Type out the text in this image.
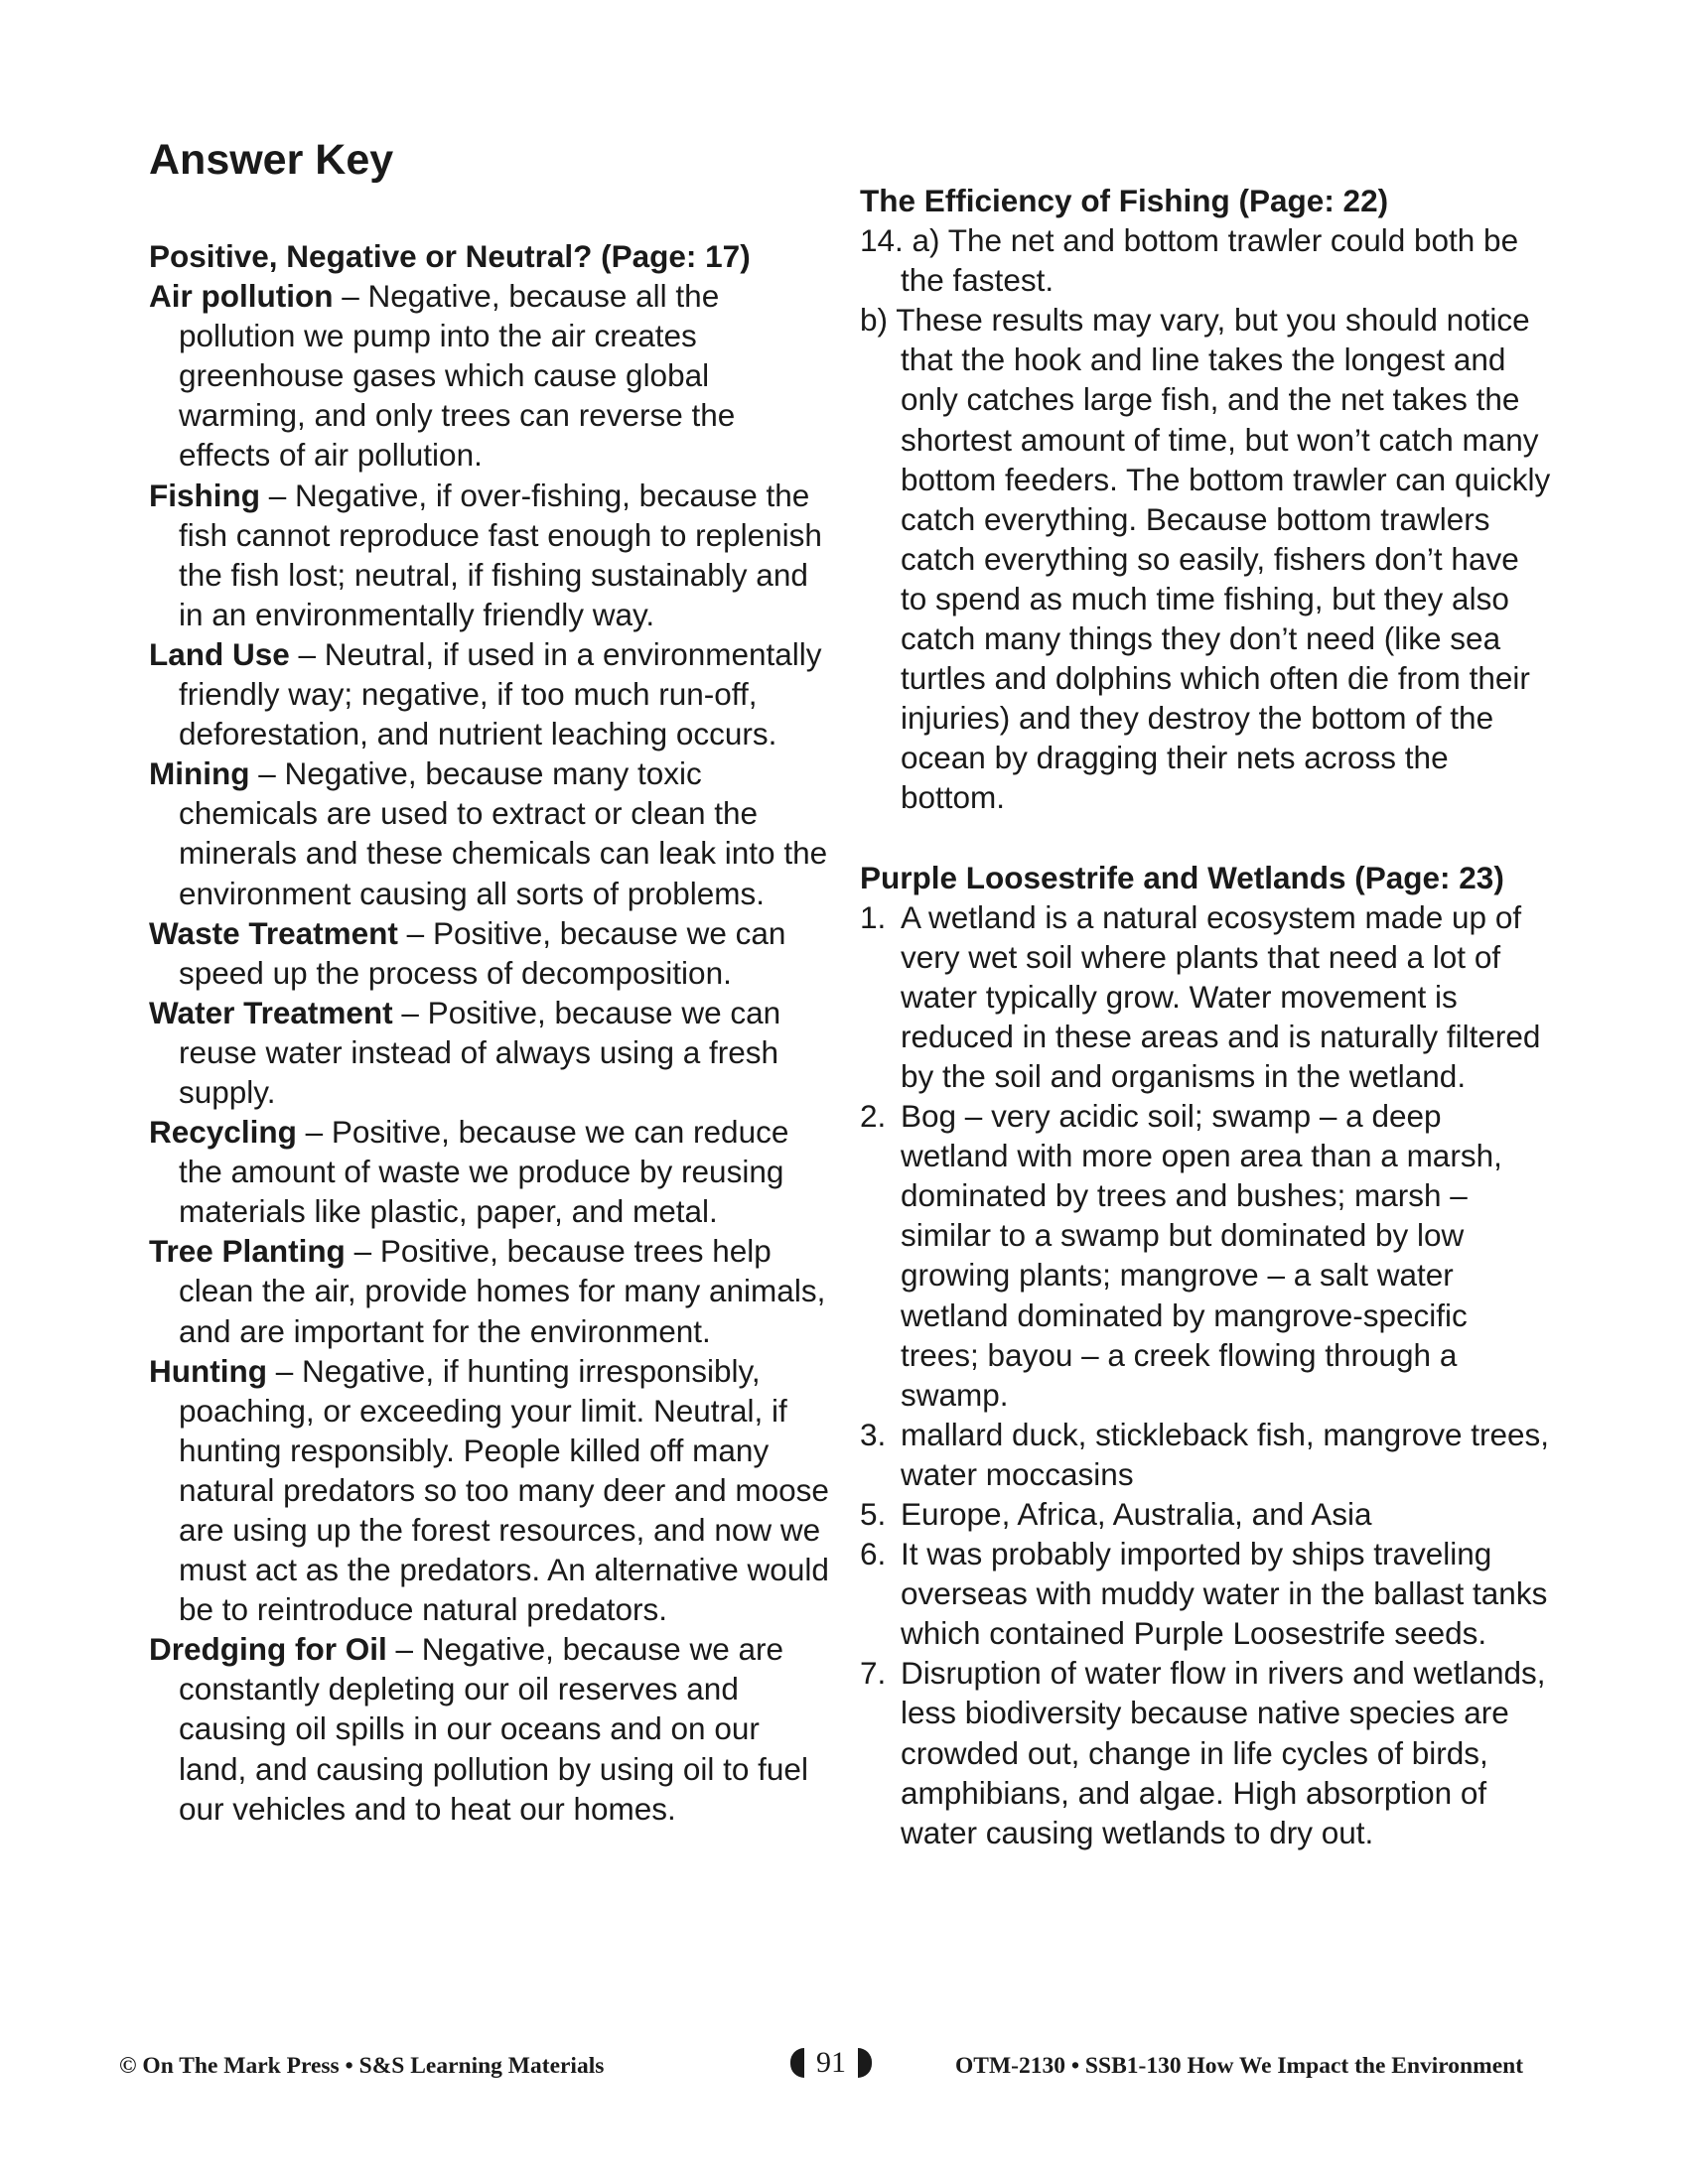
Answer Key

Positive, Negative or Neutral? (Page: 17)

Air pollution – Negative, because all the pollution we pump into the air creates greenhouse gases which cause global warming, and only trees can reverse the effects of air pollution.

Fishing – Negative, if over-fishing, because the fish cannot reproduce fast enough to replenish the fish lost; neutral, if fishing sustainably and in an environmentally friendly way.

Land Use – Neutral, if used in a environmentally friendly way; negative, if too much run-off, deforestation, and nutrient leaching occurs.

Mining – Negative, because many toxic chemicals are used to extract or clean the minerals and these chemicals can leak into the environment causing all sorts of problems.

Waste Treatment – Positive, because we can speed up the process of decomposition.

Water Treatment – Positive, because we can reuse water instead of always using a fresh supply.

Recycling – Positive, because we can reduce the amount of waste we produce by reusing materials like plastic, paper, and metal.

Tree Planting – Positive, because trees help clean the air, provide homes for many animals, and are important for the environment.

Hunting – Negative, if hunting irresponsibly, poaching, or exceeding your limit. Neutral, if hunting responsibly. People killed off many natural predators so too many deer and moose are using up the forest resources, and now we must act as the predators. An alternative would be to reintroduce natural predators.

Dredging for Oil – Negative, because we are constantly depleting our oil reserves and causing oil spills in our oceans and on our land, and causing pollution by using oil to fuel our vehicles and to heat our homes.

The Efficiency of Fishing (Page: 22)

14. a) The net and bottom trawler could both be the fastest.

b) These results may vary, but you should notice that the hook and line takes the longest and only catches large fish, and the net takes the shortest amount of time, but won’t catch many bottom feeders. The bottom trawler can quickly catch everything. Because bottom trawlers catch everything so easily, fishers don’t have to spend as much time fishing, but they also catch many things they don’t need (like sea turtles and dolphins which often die from their injuries) and they destroy the bottom of the ocean by dragging their nets across the bottom.

Purple Loosestrife and Wetlands (Page: 23)

1. A wetland is a natural ecosystem made up of very wet soil where plants that need a lot of water typically grow. Water movement is reduced in these areas and is naturally filtered by the soil and organisms in the wetland.
2. Bog – very acidic soil; swamp – a deep wetland with more open area than a marsh, dominated by trees and bushes; marsh – similar to a swamp but dominated by low growing plants; mangrove – a salt water wetland dominated by mangrove-specific trees; bayou – a creek flowing through a swamp.
3. mallard duck, stickleback fish, mangrove trees, water moccasins
5. Europe, Africa, Australia, and Asia
6. It was probably imported by ships traveling overseas with muddy water in the ballast tanks which contained Purple Loosestrife seeds.
7. Disruption of water flow in rivers and wetlands, less biodiversity because native species are crowded out, change in life cycles of birds, amphibians, and algae. High absorption of water causing wetlands to dry out.
© On The Mark Press • S&S Learning Materials	91	OTM-2130 • SSB1-130 How We Impact the Environment
